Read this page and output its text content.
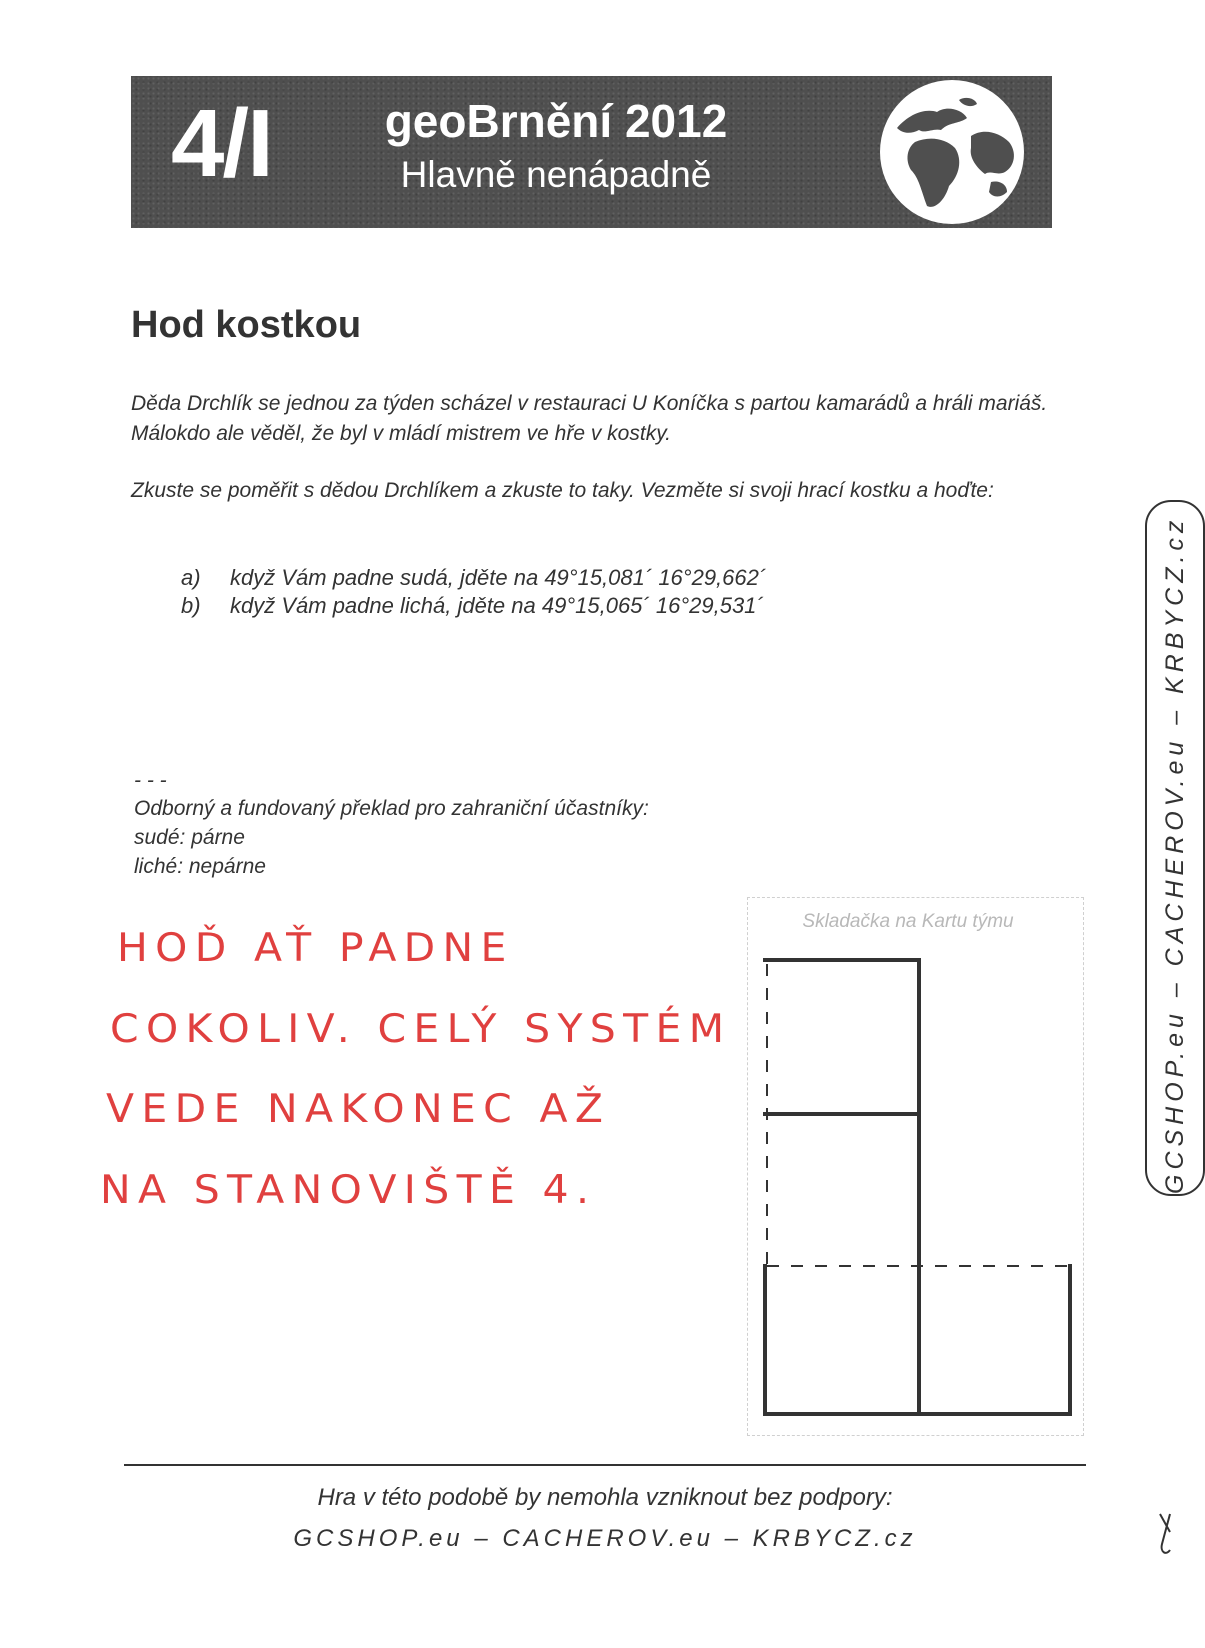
4/I geoBrnění 2012
Hlavně nenápadně
Hod kostkou
Děda Drchlík se jednou za týden scházel v restauraci U Koníčka s partou kamarádů a hráli mariáš. Málokdo ale věděl, že byl v mládí mistrem ve hře v kostky.
Zkuste se poměřit s dědou Drchlíkem a zkuste to taky. Vezměte si svoji hrací kostku a hoďte:
a) když Vám padne sudá, jděte na 49°15,081´ 16°29,662´
b) když Vám padne lichá, jděte na 49°15,065´ 16°29,531´
- - -
Odborný a fundovaný překlad pro zahraniční účastníky:
sudé: párne
liché: nepárne
HOĎ AŤ PADNE
COKOLIV. CELÝ SYSTÉM
VEDE NAKONEC AŽ
NA STANOVIŠTĚ 4.
Skladačka na Kartu týmu	GCSHOP.eu – CACHEROV.eu – KRBYCZ.cz
Hra v této podobě by nemohla vzniknout bez podpory:
GCSHOP.eu – CACHEROV.eu – KRBYCZ.cz
